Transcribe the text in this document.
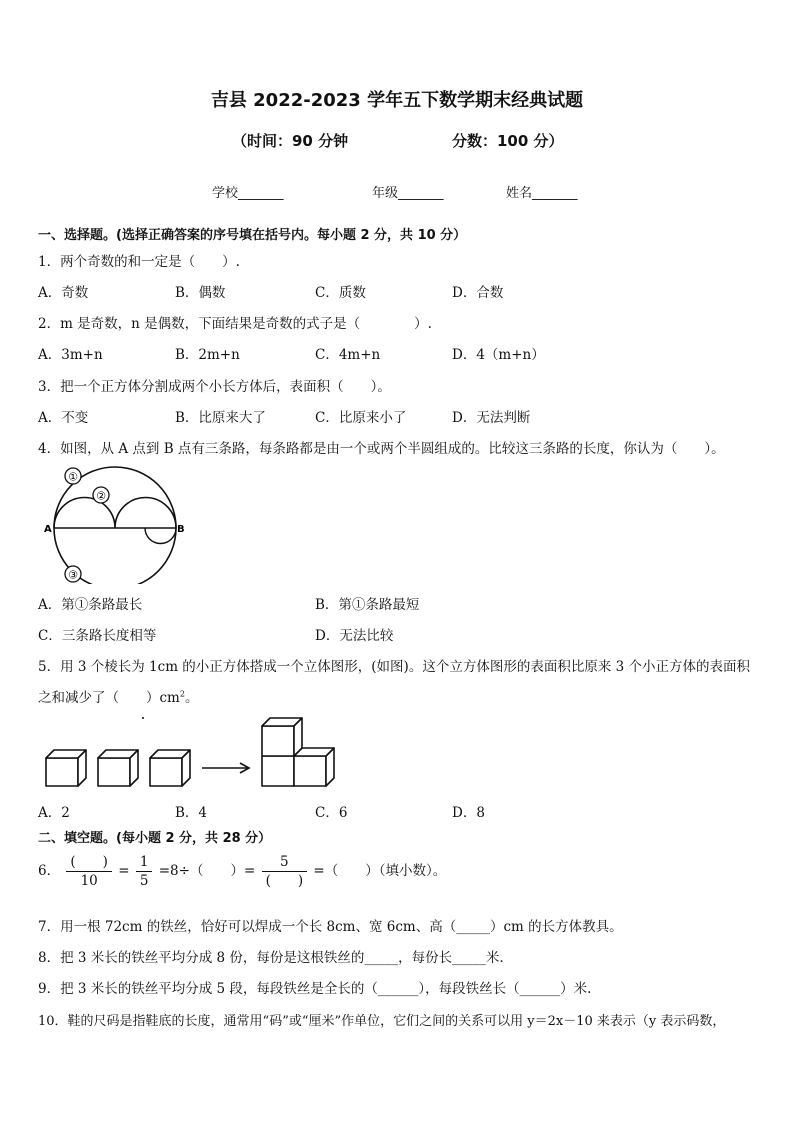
吉县 2022-2023 学年五下数学期末经典试题
（时间：90 分钟	分数：100 分）
学校_______	年级_______	姓名_______
一、选择题。(选择正确答案的序号填在括号内。每小题 2 分，共 10 分）
1．两个奇数的和一定是（　　）.
A．奇数	B．偶数	C．质数	D．合数
2．m 是奇数，n 是偶数，下面结果是奇数的式子是（　　　　）.
A．3m+n	B．2m+n	C．4m+n	D．4（m+n）
3．把一个正方体分割成两个小长方体后，表面积（　　）。
A．不变	B．比原来大了	C．比原来小了	D．无法判断
4．如图，从 A 点到 B 点有三条路，每条路都是由一个或两个半圆组成的。比较这三条路的长度，你认为（　　）。
①
②
③
A	B
A．第①条路最长	B．第①条路最短
C．三条路长度相等	D．无法比较
5．用 3 个棱长为 1cm 的小正方体搭成一个立体图形，(如图)。这个立方体图形的表面积比原来 3 个小正方体的表面积
之和减少了（　　）$cm^2$。
A．2	B．4	C．6	D．8
二、填空题。(每小题 2 分，共 28 分）
6． $\frac{( )}{10} = \frac{1}{5} =8\div$（　　）= $\frac{5}{( )}$ =（　　）（填小数）。
7．用一根 72cm 的铁丝，恰好可以焊成一个长 8cm、宽 6cm、高（_____）cm 的长方体教具。
8．把 3 米长的铁丝平均分成 8 份，每份是这根铁丝的_____，每份长_____米.
9．把 3 米长的铁丝平均分成 5 段，每段铁丝是全长的（______），每段铁丝长（______）米.
10．鞋的尺码是指鞋底的长度，通常用“码”或“厘米”作单位，它们之间的关系可以用 y＝2x－10 来表示（y 表示码数，
